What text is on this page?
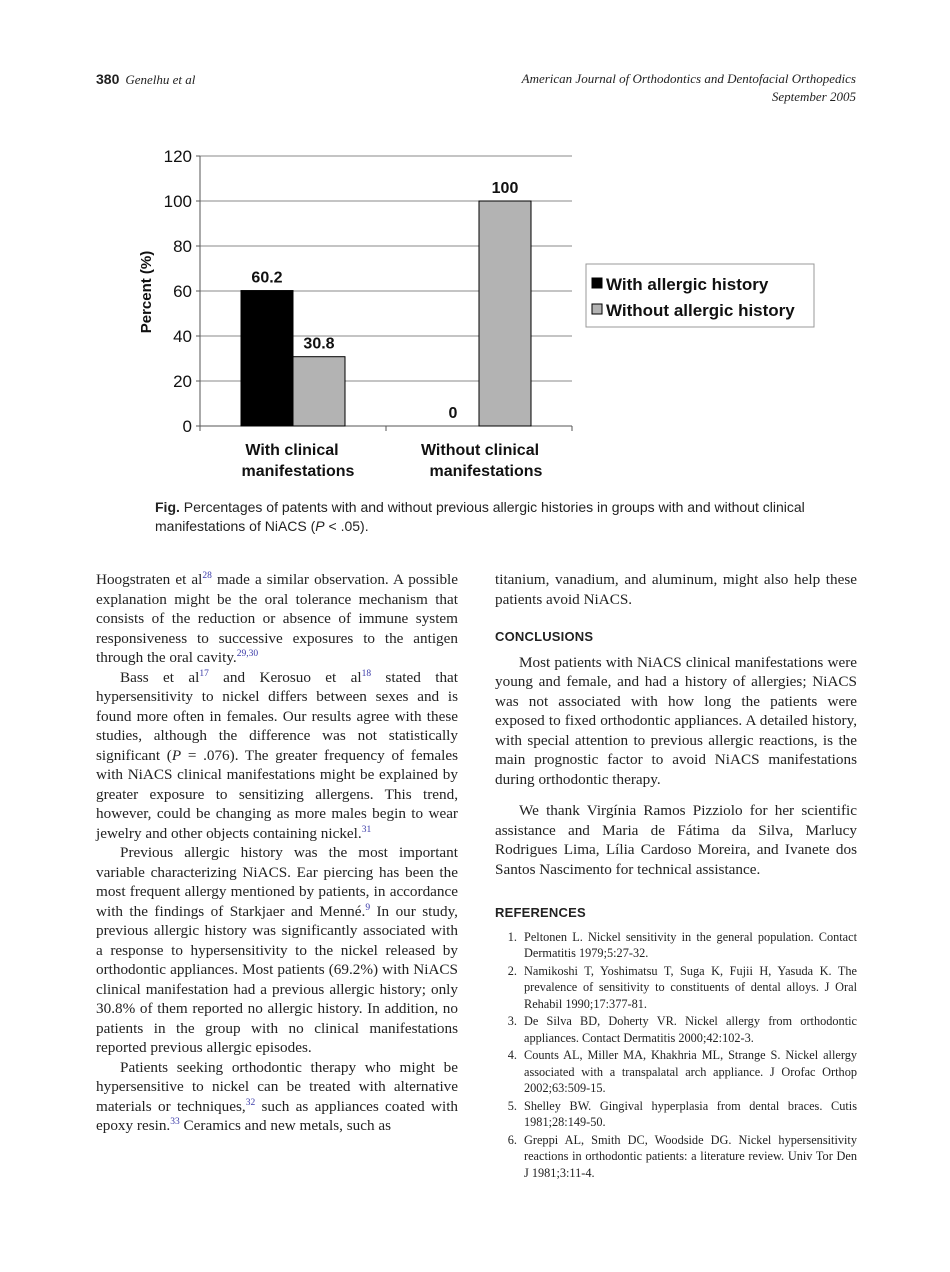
380 Genelhu et al	American Journal of Orthodontics and Dentofacial Orthopedics
September 2005
0
20
40
60
80
100
120
60.2
30.8
0
100
Percent (%)	With allergic history
Without allergic history
With clinical
manifestations
Without clinical
manifestations
Fig. Percentages of patents with and without previous allergic histories in groups with and without clinical manifestations of NiACS (P < .05).

Hoogstraten et $al^{28}$ made a similar observation. A possible explanation might be the oral tolerance mechanism that consists of the reduction or absence of immune system responsiveness to successive exposures to the antigen through the oral cavity.$^{29,30}$

Bass et $al^{17}$ and Kerosuo et $al^{18}$ stated that hypersensitivity to nickel differs between sexes and is found more often in females. Our results agree with these studies, although the difference was not statistically significant (P = .076). The greater frequency of females with NiACS clinical manifestations might be explained by greater exposure to sensitizing allergens. This trend, however, could be changing as more males begin to wear jewelry and other objects containing nickel.$^{31}$

Previous allergic history was the most important variable characterizing NiACS. Ear piercing has been the most frequent allergy mentioned by patients, in accordance with the findings of Starkjaer and Menné.$^9$ In our study, previous allergic history was significantly associated with a response to hypersensitivity to the nickel released by orthodontic appliances. Most patients (69.2%) with NiACS clinical manifestation had a previous allergic history; only 30.8% of them reported no allergic history. In addition, no patients in the group with no clinical manifestations reported previous allergic episodes.

Patients seeking orthodontic therapy who might be hypersensitive to nickel can be treated with alternative materials or techniques,$^{32}$ such as appliances coated with epoxy resin.$^{33}$ Ceramics and new metals, such as

titanium, vanadium, and aluminum, might also help these patients avoid NiACS.

CONCLUSIONS

Most patients with NiACS clinical manifestations were young and female, and had a history of allergies; NiACS was not associated with how long the patients were exposed to fixed orthodontic appliances. A detailed history, with special attention to previous allergic reactions, is the main prognostic factor to avoid NiACS manifestations during orthodontic therapy.

We thank Virgínia Ramos Pizziolo for her scientific assistance and Maria de Fátima da Silva, Marlucy Rodrigues Lima, Lília Cardoso Moreira, and Ivanete dos Santos Nascimento for technical assistance.

REFERENCES
1. Peltonen L. Nickel sensitivity in the general population. Contact Dermatitis 1979;5:27-32.
2. Namikoshi T, Yoshimatsu T, Suga K, Fujii H, Yasuda K. The prevalence of sensitivity to constituents of dental alloys. J Oral Rehabil 1990;17:377-81.
3. De Silva BD, Doherty VR. Nickel allergy from orthodontic appliances. Contact Dermatitis 2000;42:102-3.
4. Counts AL, Miller MA, Khakhria ML, Strange S. Nickel allergy associated with a transpalatal arch appliance. J Orofac Orthop 2002;63:509-15.
5. Shelley BW. Gingival hyperplasia from dental braces. Cutis 1981;28:149-50.
6. Greppi AL, Smith DC, Woodside DG. Nickel hypersensitivity reactions in orthodontic patients: a literature review. Univ Tor Den J 1981;3:11-4.
